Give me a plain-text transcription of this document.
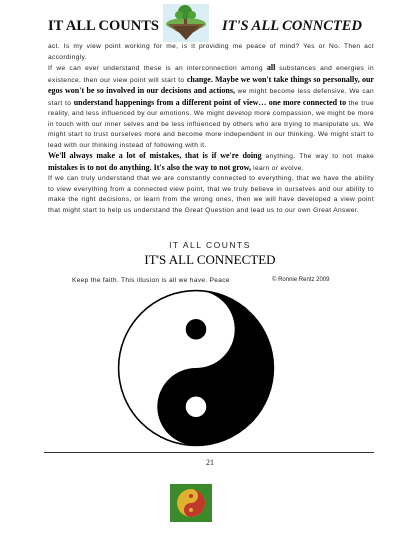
IT ALL COUNTS	IT'S ALL CONNCTED

act. Is my view point working for me, is it providing me peace of mind? Yes or No. Then act accordingly.
If we can ever understand these is an interconnection among all substances and energies in existence, then our view point will start to change. Maybe we won't take things so personally, our egos won't be so involved in our decisions and actions, we might become less defensive. We can start to understand happenings from a different point of view… one more connected to the true reality, and less influenced by our emotions. We might develop more compassion, we might be more in touch with our inner selves and be less influenced by others who are trying to manipulate us. We might start to trust ourselves more and become more independent in our thinking. We might start to lead with our thinking instead of following with it.
We'll always make a lot of mistakes, that is if we're doing anything. The way to not make mistakes is to not do anything. It's also the way to not grow, learn or evolve.
If we can truly understand that we are constantly connected to everything, that we have the ability to view everything from a connected view point, that we truly believe in ourselves and our ability to make the right decisions, or learn from the wrong ones, then we will have developed a view point that might start to help us understand the Great Question and lead us to our own Great Answer.

IT ALL COUNTS
IT'S ALL CONNECTED
Keep the faith. This illusion is all we have. Peace	© Ronnie Rentz 2009
21
